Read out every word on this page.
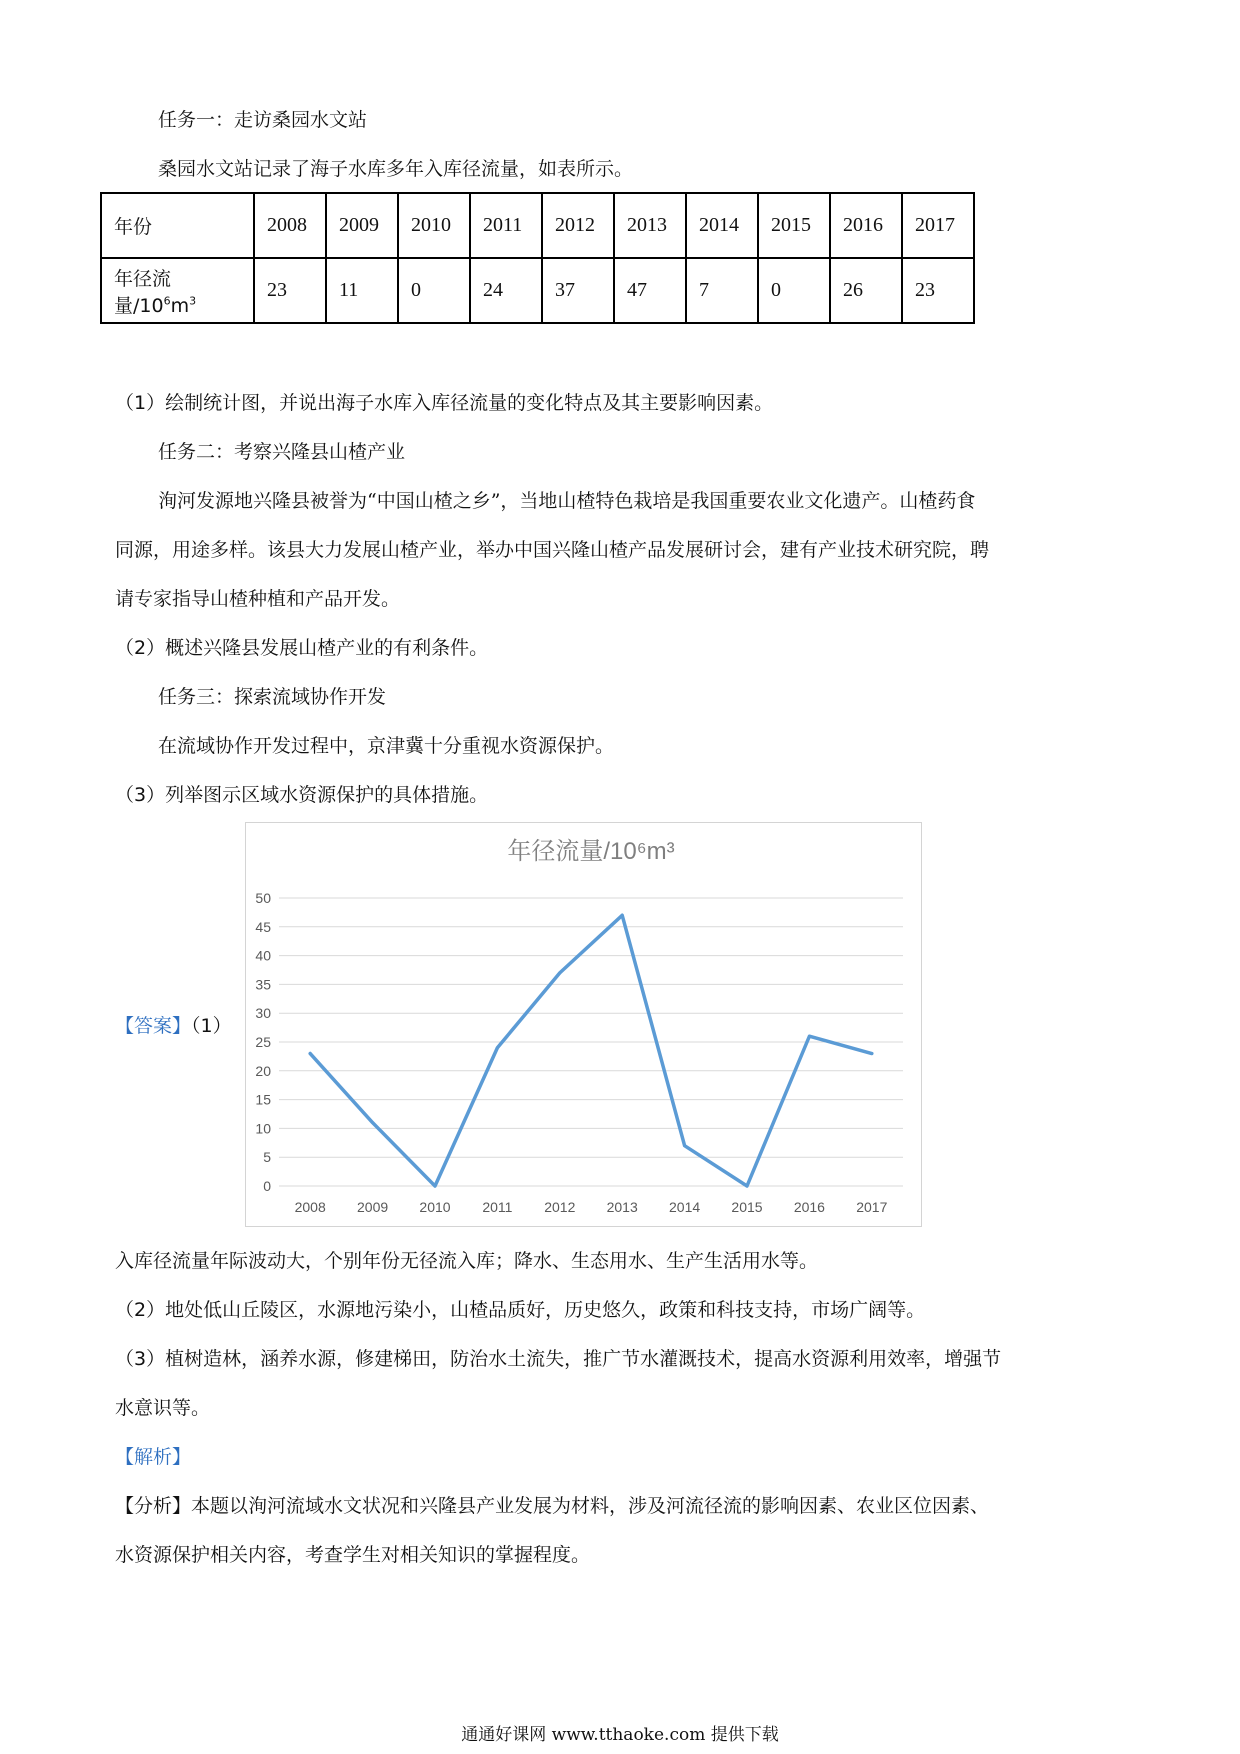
任务一：走访桑园水文站
桑园水文站记录了海子水库多年入库径流量，如表所示。
年份	2008	2009	2010	2011	2012	2013	2014	2015	2016	2017
年径流量$/10^6m^3$	23	11	0	24	37	47	7	0	26	23
（1）绘制统计图，并说出海子水库入库径流量的变化特点及其主要影响因素。
任务二：考察兴隆县山楂产业
洵河发源地兴隆县被誉为“中国山楂之乡”，当地山楂特色栽培是我国重要农业文化遗产。山楂药食
同源，用途多样。该县大力发展山楂产业，举办中国兴隆山楂产品发展研讨会，建有产业技术研究院，聘
请专家指导山楂种植和产品开发。
（2）概述兴隆县发展山楂产业的有利条件。
任务三：探索流域协作开发
在流域协作开发过程中，京津冀十分重视水资源保护。
（3）列举图示区域水资源保护的具体措施。
【答案】（1）
年径流量/10⁶m³
0
5
10
15
20
25
30
35
40
45
50
2008 2009 2010 2011 2012 2013 2014 2015 2016 2017
入库径流量年际波动大，个别年份无径流入库；降水、生态用水、生产生活用水等。
（2）地处低山丘陵区，水源地污染小，山楂品质好，历史悠久，政策和科技支持，市场广阔等。
（3）植树造林，涵养水源，修建梯田，防治水土流失，推广节水灌溉技术，提高水资源利用效率，增强节
水意识等。
【解析】
【分析】本题以洵河流域水文状况和兴隆县产业发展为材料，涉及河流径流的影响因素、农业区位因素、
水资源保护相关内容，考查学生对相关知识的掌握程度。
通通好课网 www.tthaoke.com 提供下载
